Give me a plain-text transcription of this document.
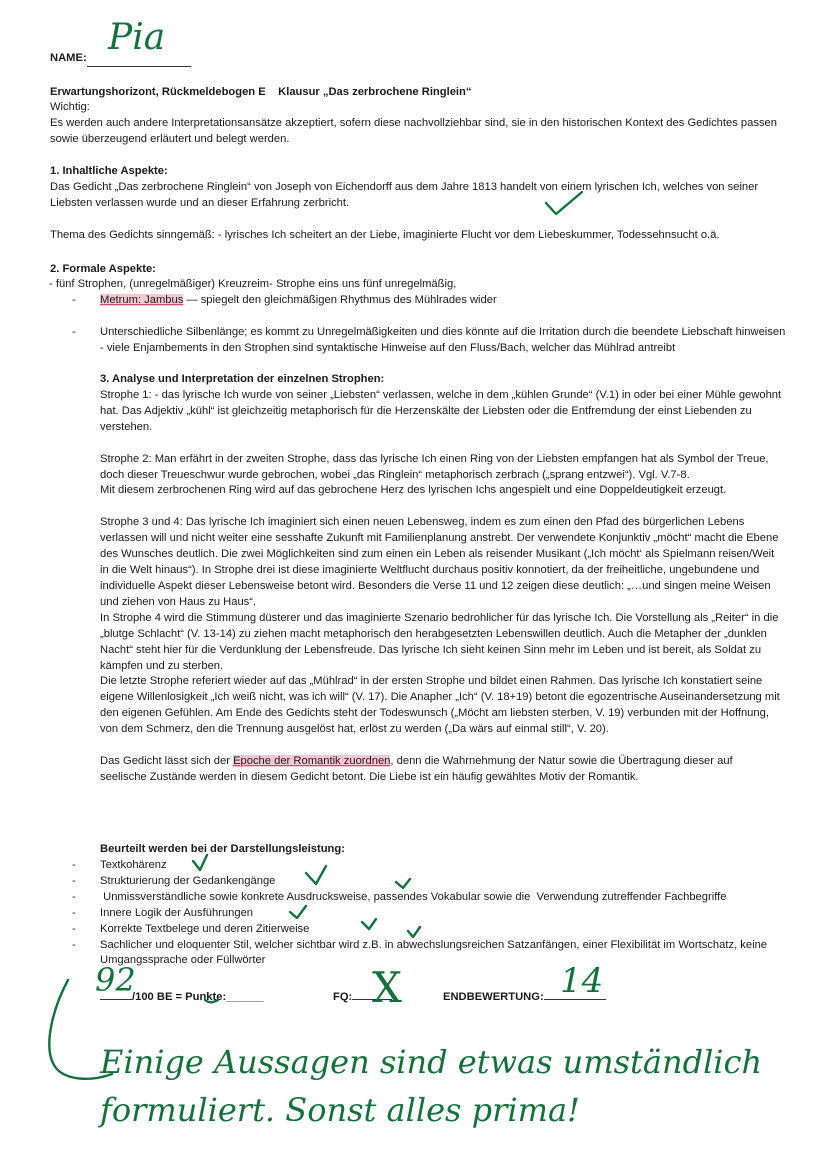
NAME: Pia
Erwartungshorizont, Rückmeldebogen E    Klausur „Das zerbrochene Ringlein“
Wichtig:
Es werden auch andere Interpretationsansätze akzeptiert, sofern diese nachvollziehbar sind, sie in den historischen Kontext des Gedichtes passen sowie überzeugend erläutert und belegt werden.
1. Inhaltliche Aspekte:
Das Gedicht „Das zerbrochene Ringlein“ von Joseph von Eichendorff aus dem Jahre 1813 handelt von einem lyrischen Ich, welches von seiner Liebsten verlassen wurde und an dieser Erfahrung zerbricht.
Thema des Gedichts sinngemäß: - lyrisches Ich scheitert an der Liebe, imaginierte Flucht vor dem Liebeskummer, Todessehnsucht o.ä.
2. Formale Aspekte:
- fünf Strophen, (unregelmäßiger) Kreuzreim- Strophe eins uns fünf unregelmäßig,
- Metrum: Jambus — spiegelt den gleichmäßigen Rhythmus des Mühlrades wider
- Unterschiedliche Silbenlänge; es kommt zu Unregelmäßigkeiten und dies könnte auf die Irritation durch die beendete Liebschaft hinweisen
- viele Enjambements in den Strophen sind syntaktische Hinweise auf den Fluss/Bach, welcher das Mühlrad antreibt

3. Analyse und Interpretation der einzelnen Strophen:

Strophe 1: - das lyrische Ich wurde von seiner „Liebsten“ verlassen, welche in dem „kühlen Grunde“ (V.1) in oder bei einer Mühle gewohnt hat. Das Adjektiv „kühl“ ist gleichzeitig metaphorisch für die Herzenskälte der Liebsten oder die Entfremdung der einst Liebenden zu verstehen.

Strophe 2: Man erfährt in der zweiten Strophe, dass das lyrische Ich einen Ring von der Liebsten empfangen hat als Symbol der Treue, doch dieser Treueschwur wurde gebrochen, wobei „das Ringlein“ metaphorisch zerbrach („sprang entzwei“). Vgl. V.7-8.

Mit diesem zerbrochenen Ring wird auf das gebrochene Herz des lyrischen Ichs angespielt und eine Doppeldeutigkeit erzeugt.

Strophe 3 und 4: Das lyrische Ich imaginiert sich einen neuen Lebensweg, indem es zum einen den Pfad des bürgerlichen Lebens verlassen will und nicht weiter eine sesshafte Zukunft mit Familienplanung anstrebt. Der verwendete Konjunktiv „möcht“ macht die Ebene des Wunsches deutlich. Die zwei Möglichkeiten sind zum einen ein Leben als reisender Musikant („Ich möcht‘ als Spielmann reisen/Weit in die Welt hinaus“). In Strophe drei ist diese imaginierte Weltflucht durchaus positiv konnotiert, da der freiheitliche, ungebundene und individuelle Aspekt dieser Lebensweise betont wird. Besonders die Verse 11 und 12 zeigen diese deutlich: „…und singen meine Weisen und ziehen von Haus zu Haus“.

In Strophe 4 wird die Stimmung düsterer und das imaginierte Szenario bedrohlicher für das lyrische Ich. Die Vorstellung als „Reiter“ in die „blutge Schlacht“ (V. 13-14) zu ziehen macht metaphorisch den herabgesetzten Lebenswillen deutlich. Auch die Metapher der „dunklen Nacht“ steht hier für die Verdunklung der Lebensfreude. Das lyrische Ich sieht keinen Sinn mehr im Leben und ist bereit, als Soldat zu kämpfen und zu sterben.

Die letzte Strophe referiert wieder auf das „Mühlrad“ in der ersten Strophe und bildet einen Rahmen. Das lyrische Ich konstatiert seine eigene Willenlosigkeit „Ich weiß nicht, was ich will“ (V. 17). Die Anapher „Ich“ (V. 18+19) betont die egozentrische Auseinandersetzung mit den eigenen Gefühlen. Am Ende des Gedichts steht der Todeswunsch („Möcht am liebsten sterben, V. 19) verbunden mit der Hoffnung, von dem Schmerz, den die Trennung ausgelöst hat, erlöst zu werden („Da wärs auf einmal still“, V. 20).

Das Gedicht lässt sich der Epoche der Romantik zuordnen, denn die Wahrnehmung der Natur sowie die Übertragung dieser auf seelische Zustände werden in diesem Gedicht betont. Die Liebe ist ein häufig gewähltes Motiv der Romantik.

Beurteilt werden bei der Darstellungsleistung:
- Textkohärenz
- Strukturierung der Gedankengänge
- Unmissverständliche sowie konkrete Ausdrucksweise, passendes Vokabular sowie die  Verwendung zutreffender Fachbegriffe
- Innere Logik der Ausführungen
- Korrekte Textbelege und deren Zitierweise
- Sachlicher und eloquenter Stil, welcher sichtbar wird z.B. in abwechslungsreichen Satzanfängen, einer Flexibilität im Wortschatz, keine Umgangssprache oder Füllwörter
/100 BE = Punkte:______
92	FQ: X	ENDBEWERTUNG: 14
Einige Aussagen sind etwas umständlich
formuliert. Sonst alles prima!
